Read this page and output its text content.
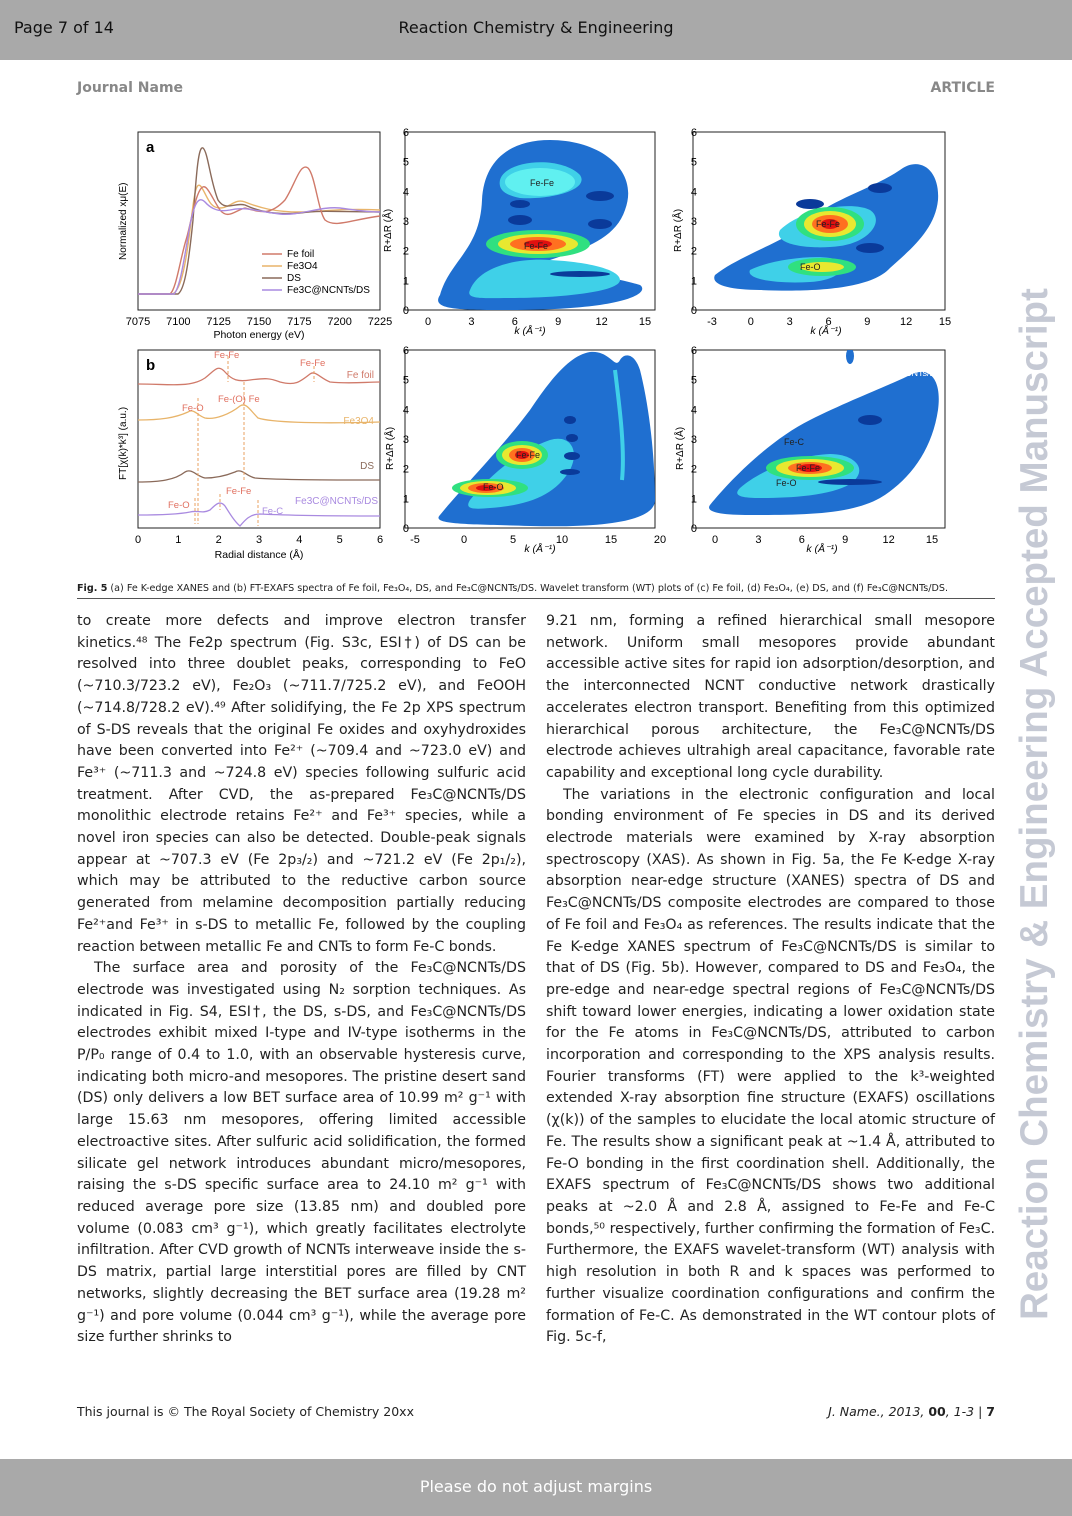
Page 7 of 14	Reaction Chemistry & Engineering
Journal Name	ARTICLE
a
Normalized xμ(E)
7075 7100 7125 7150 7175 7200 7225
Photon energy (eV)
Fe foil
Fe3O4
DS
Fe3C@NCNTs/DS
b
FT[χ(k)*k³] (a.u.)
0	1	2	3	4	5	6
Radial distance (Å)
Fe-Fe
Fe-Fe
Fe-(O) Fe
Fe-O
Fe-Fe
Fe-O
Fe-C
Fe foil
Fe3O4
DS
Fe3C@NCNTs/DS
c	Fe foil
Fe-Fe
Fe-Fe
R+ΔR (Å)
0
1
2
3
4
5
6
0	3	6	9	12	15
k (Å⁻¹)
d	Fe3O4
Fe-Fe
Fe-O
R+ΔR (Å)
0
1
2
3
4
5
6
-3	0	3	6	9	12 15
k (Å⁻¹)
e	DS
Fe-Fe
Fe-O
R+ΔR (Å)
0
1
2
3
4
5
6
-5	0	5	10	15	20
k (Å⁻¹)
f	Fe3C@NCNTs/DS
Fe-C
Fe-Fe
Fe-O
R+ΔR (Å)
0
1
2
3
4
5
6
0	3	6	9	12	15
k (Å⁻¹)
Fig. 5 (a) Fe K-edge XANES and (b) FT-EXAFS spectra of Fe foil, Fe₃O₄, DS, and Fe₃C@NCNTs/DS. Wavelet transform (WT) plots of (c) Fe foil, (d) Fe₃O₄, (e) DS, and (f) Fe₃C@NCNTs/DS.

to create more defects and improve electron transfer kinetics.⁴⁸ The Fe2p spectrum (Fig. S3c, ESI†) of DS can be resolved into three doublet peaks, corresponding to FeO (~710.3/723.2 eV), Fe₂O₃ (~711.7/725.2 eV), and FeOOH (~714.8/728.2 eV).⁴⁹ After solidifying, the Fe 2p XPS spectrum of S-DS reveals that the original Fe oxides and oxyhydroxides have been converted into Fe²⁺ (~709.4 and ~723.0 eV) and Fe³⁺ (~711.3 and ~724.8 eV) species following sulfuric acid treatment. After CVD, the as-prepared Fe₃C@NCNTs/DS monolithic electrode retains Fe²⁺ and Fe³⁺ species, while a novel iron species can also be detected. Double-peak signals appear at ~707.3 eV (Fe 2p₃/₂) and ~721.2 eV (Fe 2p₁/₂), which may be attributed to the reductive carbon source generated from melamine decomposition partially reducing Fe²⁺and Fe³⁺ in s-DS to metallic Fe, followed by the coupling reaction between metallic Fe and CNTs to form Fe-C bonds.

The surface area and porosity of the Fe₃C@NCNTs/DS electrode was investigated using N₂ sorption techniques. As indicated in Fig. S4, ESI†, the DS, s-DS, and Fe₃C@NCNTs/DS electrodes exhibit mixed I-type and IV-type isotherms in the P/P₀ range of 0.4 to 1.0, with an observable hysteresis curve, indicating both micro-and mesopores. The pristine desert sand (DS) only delivers a low BET surface area of 10.99 m² g⁻¹ with large 15.63 nm mesopores, offering limited accessible electroactive sites. After sulfuric acid solidification, the formed silicate gel network introduces abundant micro/mesopores, raising the s-DS specific surface area to 24.10 m² g⁻¹ with reduced average pore size (13.85 nm) and doubled pore volume (0.083 cm³ g⁻¹), which greatly facilitates electrolyte infiltration. After CVD growth of NCNTs interweave inside the s-DS matrix, partial large interstitial pores are filled by CNT networks, slightly decreasing the BET surface area (19.28 m² g⁻¹) and pore volume (0.044 cm³ g⁻¹), while the average pore size further shrinks to

9.21 nm, forming a refined hierarchical small mesopore network. Uniform small mesopores provide abundant accessible active sites for rapid ion adsorption/desorption, and the interconnected NCNT conductive network drastically accelerates electron transport. Benefiting from this optimized hierarchical porous architecture, the Fe₃C@NCNTs/DS electrode achieves ultrahigh areal capacitance, favorable rate capability and exceptional long cycle durability.

The variations in the electronic configuration and local bonding environment of Fe species in DS and its derived electrode materials were examined by X-ray absorption spectroscopy (XAS). As shown in Fig. 5a, the Fe K-edge X-ray absorption near-edge structure (XANES) spectra of DS and Fe₃C@NCNTs/DS composite electrodes are compared to those of Fe foil and Fe₃O₄ as references. The results indicate that the Fe K-edge XANES spectrum of Fe₃C@NCNTs/DS is similar to that of DS (Fig. 5b). However, compared to DS and Fe₃O₄, the pre-edge and near-edge spectral regions of Fe₃C@NCNTs/DS shift toward lower energies, indicating a lower oxidation state for the Fe atoms in Fe₃C@NCNTs/DS, attributed to carbon incorporation and corresponding to the XPS analysis results. Fourier transforms (FT) were applied to the k³-weighted extended X-ray absorption fine structure (EXAFS) oscillations (χ(k)) of the samples to elucidate the local atomic structure of Fe. The results show a significant peak at ~1.4 Å, attributed to Fe-O bonding in the first coordination shell. Additionally, the EXAFS spectrum of Fe₃C@NCNTs/DS shows two additional peaks at ~2.0 Å and 2.8 Å, assigned to Fe-Fe and Fe-C bonds,⁵⁰ respectively, further confirming the formation of Fe₃C. Furthermore, the EXAFS wavelet-transform (WT) analysis with high resolution in both R and k spaces was performed to further visualize coordination configurations and confirm the formation of Fe-C. As demonstrated in the WT contour plots of Fig. 5c-f,

Reaction Chemistry & Engineering Accepted Manuscript
This journal is © The Royal Society of Chemistry 20xx	J. Name., 2013, 00, 1-3 | 7
Please do not adjust margins
